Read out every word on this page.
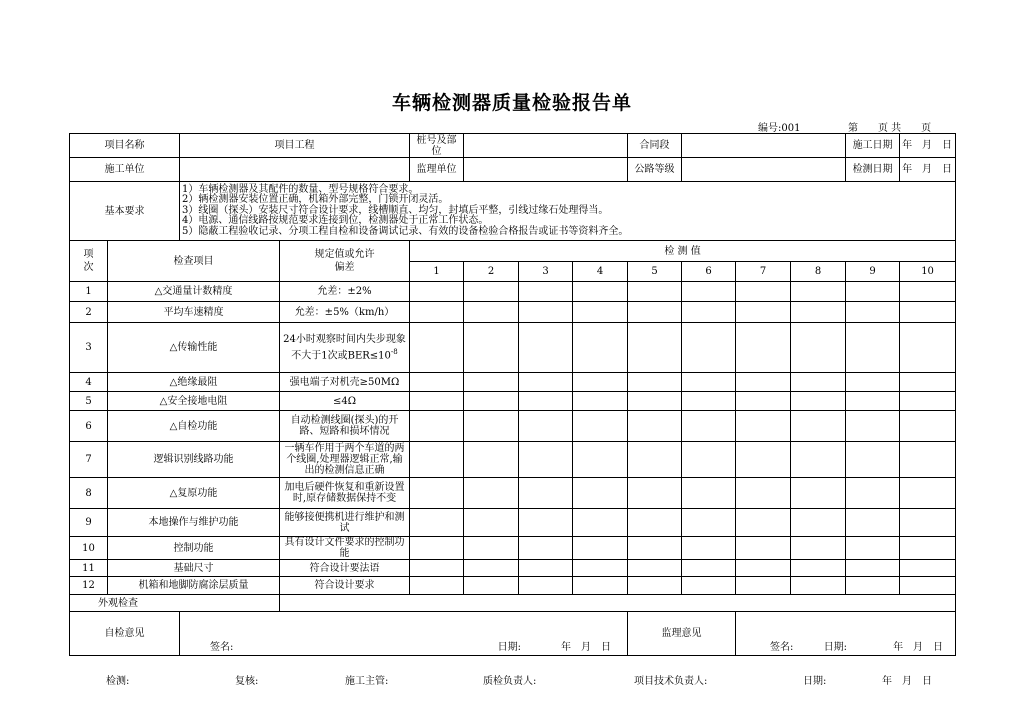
车辆检测器质量检验报告单
编号:001	第　　页 共　　页
项目名称		项目工程		桩号及部位				合同段				施工日期	年　月　日
施工单位				监理单位				公路等级				检测日期	年　月　日
基本要求		1）车辆检测器及其配件的数量、型号规格符合要求。
2）辆检测器安装位置正确，机箱外部完整，门锁开闭灵活。
3）线圈（探头）安装尺寸符合设计要求，线槽顺直、均匀，封填后平整，引线过缘石处理得当。
4）电源、通信线路按规范要求连接到位，检测器处于正常工作状态。
5）隐蔽工程验收记录、分项工程自检和设备调试记录、有效的设备检验合格报告或证书等资料齐全。											

项次	检查项目		规定值或允许偏差	检 测 值									
				1	2	3	4	5	6	7	8	9	10
1	△交通量计数精度		允差：±2%										
2	平均车速精度		允差：±5%（km/h）										
3	△传输性能		24小时观察时间内失步现象不大于1次或$BER\le 10^{-8}$										
4	△绝缘最阻		强电端子对机壳≥50MΩ										
5	△安全接地电阻		≤4Ω										
6	△自检功能		自动检测线圈(探头)的开路、短路和损坏情况										
7	逻辑识别线路功能		一辆车作用于两个车道的两个线圈,处理器逻辑正常,输出的检测信息正确										
8	△复原功能		加电后硬件恢复和重新设置时,原存储数据保持不变										
9	本地操作与维护功能		能够接便携机进行维护和测试										
10	控制功能		具有设计文件要求的控制功能										
11	基础尺寸		符合设计要法语										
12	机箱和地脚防腐涂层质量		符合设计要求										
外观检查													
自检意见		签名: 日期: 年　月　日						监理意见		签名: 日期: 年　月　日			
检测:	复核:	施工主管:	质检负责人:	项目技术负责人:	日期:	年　月　日
